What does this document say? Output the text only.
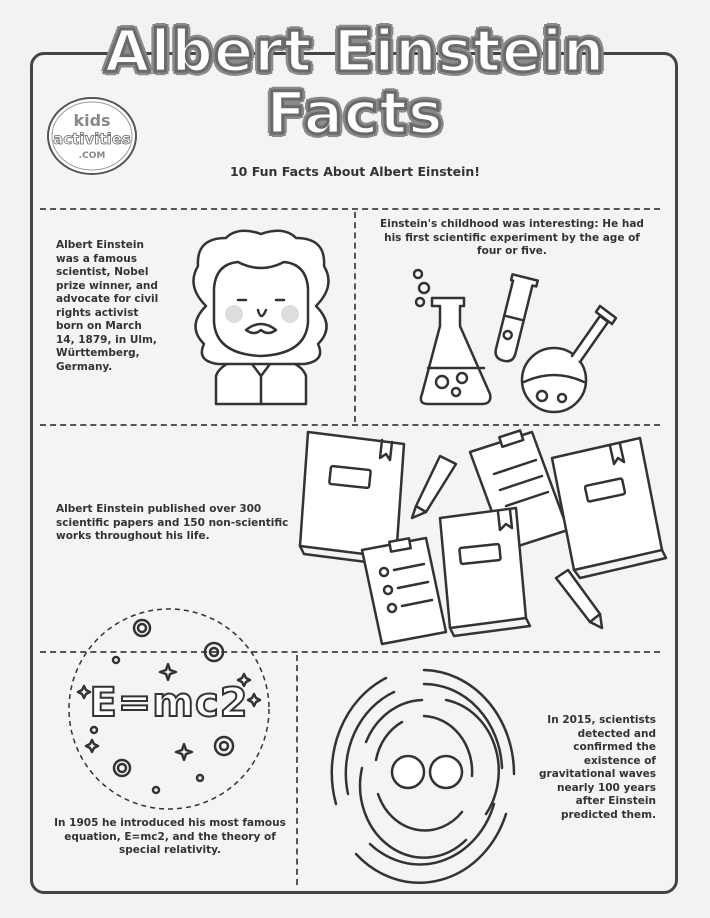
Albert Einstein
Facts
kids
activities
.COM
10 Fun Facts About Albert Einstein!
Albert Einstein was a famous scientist, Nobel prize winner, and advocate for civil rights activist born on March 14, 1879, in Ulm, Württemberg, Germany.
Einstein's childhood was interesting: He had his first scientific experiment by the age of four or five.
Albert Einstein published over 300 scientific papers and 150 non-scientific works throughout his life.
In 1905 he introduced his most famous equation, E=mc2, and the theory of special relativity.
In 2015, scientists detected and confirmed the existence of gravitational waves nearly 100 years after Einstein predicted them.
E=mc2
